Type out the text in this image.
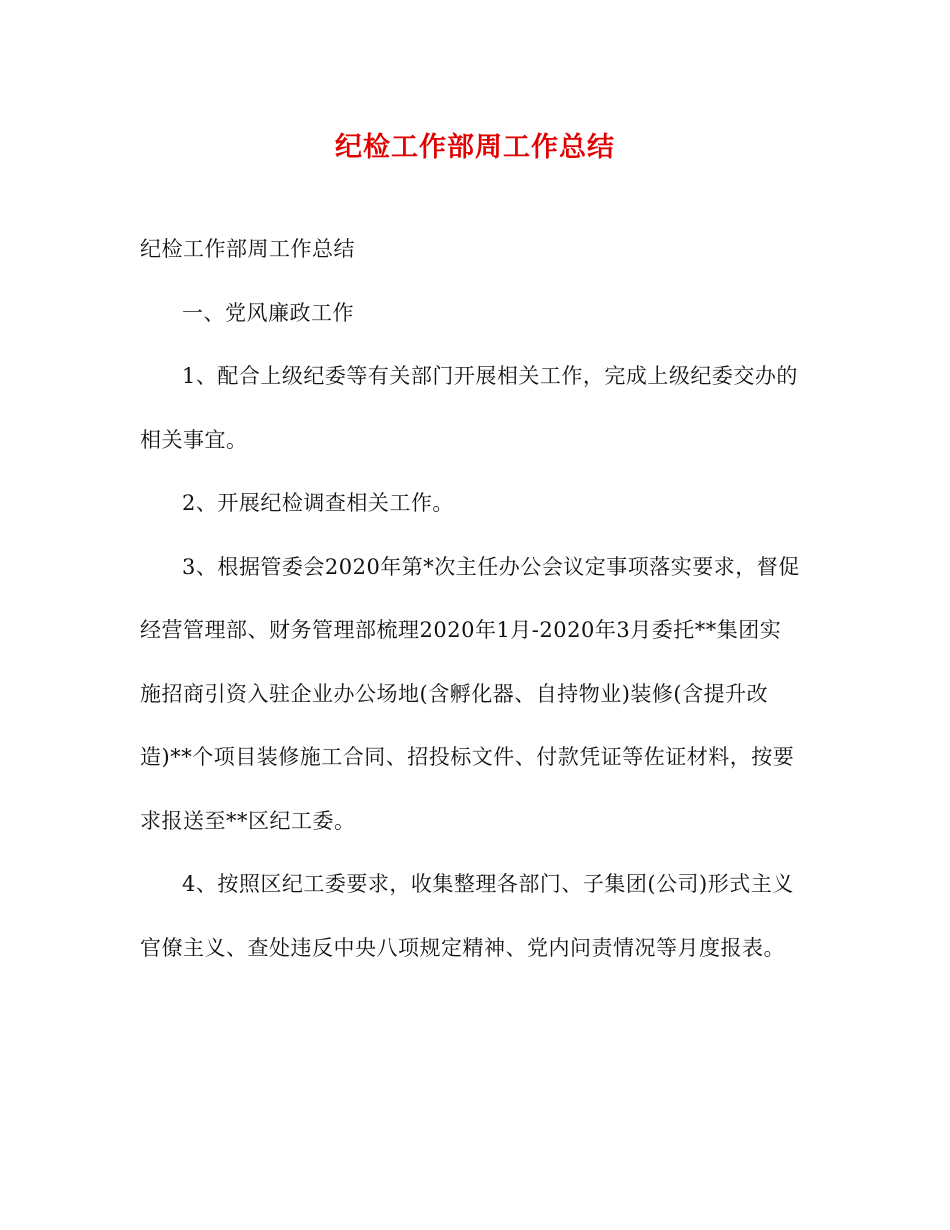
纪检工作部周工作总结
纪检工作部周工作总结
一、党风廉政工作
1、配合上级纪委等有关部门开展相关工作，完成上级纪委交办的
相关事宜。
2、开展纪检调查相关工作。
3、根据管委会2020年第*次主任办公会议定事项落实要求，督促
经营管理部、财务管理部梳理2020年1月-2020年3月委托**集团实
施招商引资入驻企业办公场地(含孵化器、自持物业)装修(含提升改
造)**个项目装修施工合同、招投标文件、付款凭证等佐证材料，按要
求报送至**区纪工委。
4、按照区纪工委要求，收集整理各部门、子集团(公司)形式主义
官僚主义、查处违反中央八项规定精神、党内问责情况等月度报表。
